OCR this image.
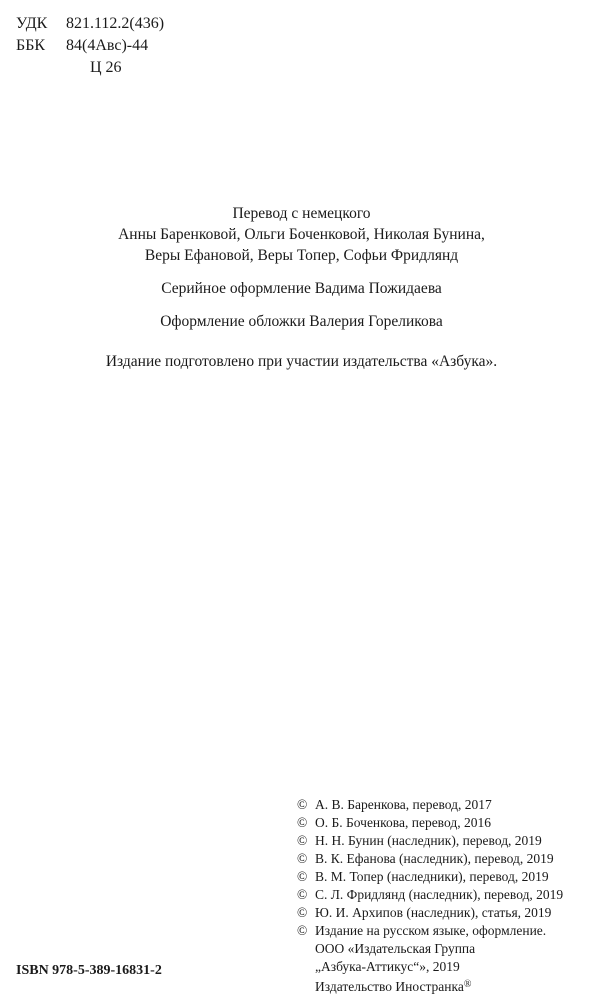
УДК	821.112.2(436)
ББК	84(4Авс)-44
Ц 26
Перевод с немецкого
Анны Баренковой, Ольги Боченковой, Николая Бунина,
Веры Ефановой, Веры Топер, Софьи Фридлянд
Серийное оформление Вадима Пожидаева
Оформление обложки Валерия Гореликова
Издание подготовлено при участии издательства «Азбука».
© А. В. Баренкова, перевод, 2017
© О. Б. Боченкова, перевод, 2016
© Н. Н. Бунин (наследник), перевод, 2019
© В. К. Ефанова (наследник), перевод, 2019
© В. М. Топер (наследники), перевод, 2019
© С. Л. Фридлянд (наследник), перевод, 2019
© Ю. И. Архипов (наследник), статья, 2019
© Издание на русском языке, оформление.
ООО «Издательская Группа
„Азбука-Аттикус“», 2019
Издательство Иностранка®
ISBN 978-5-389-16831-2
